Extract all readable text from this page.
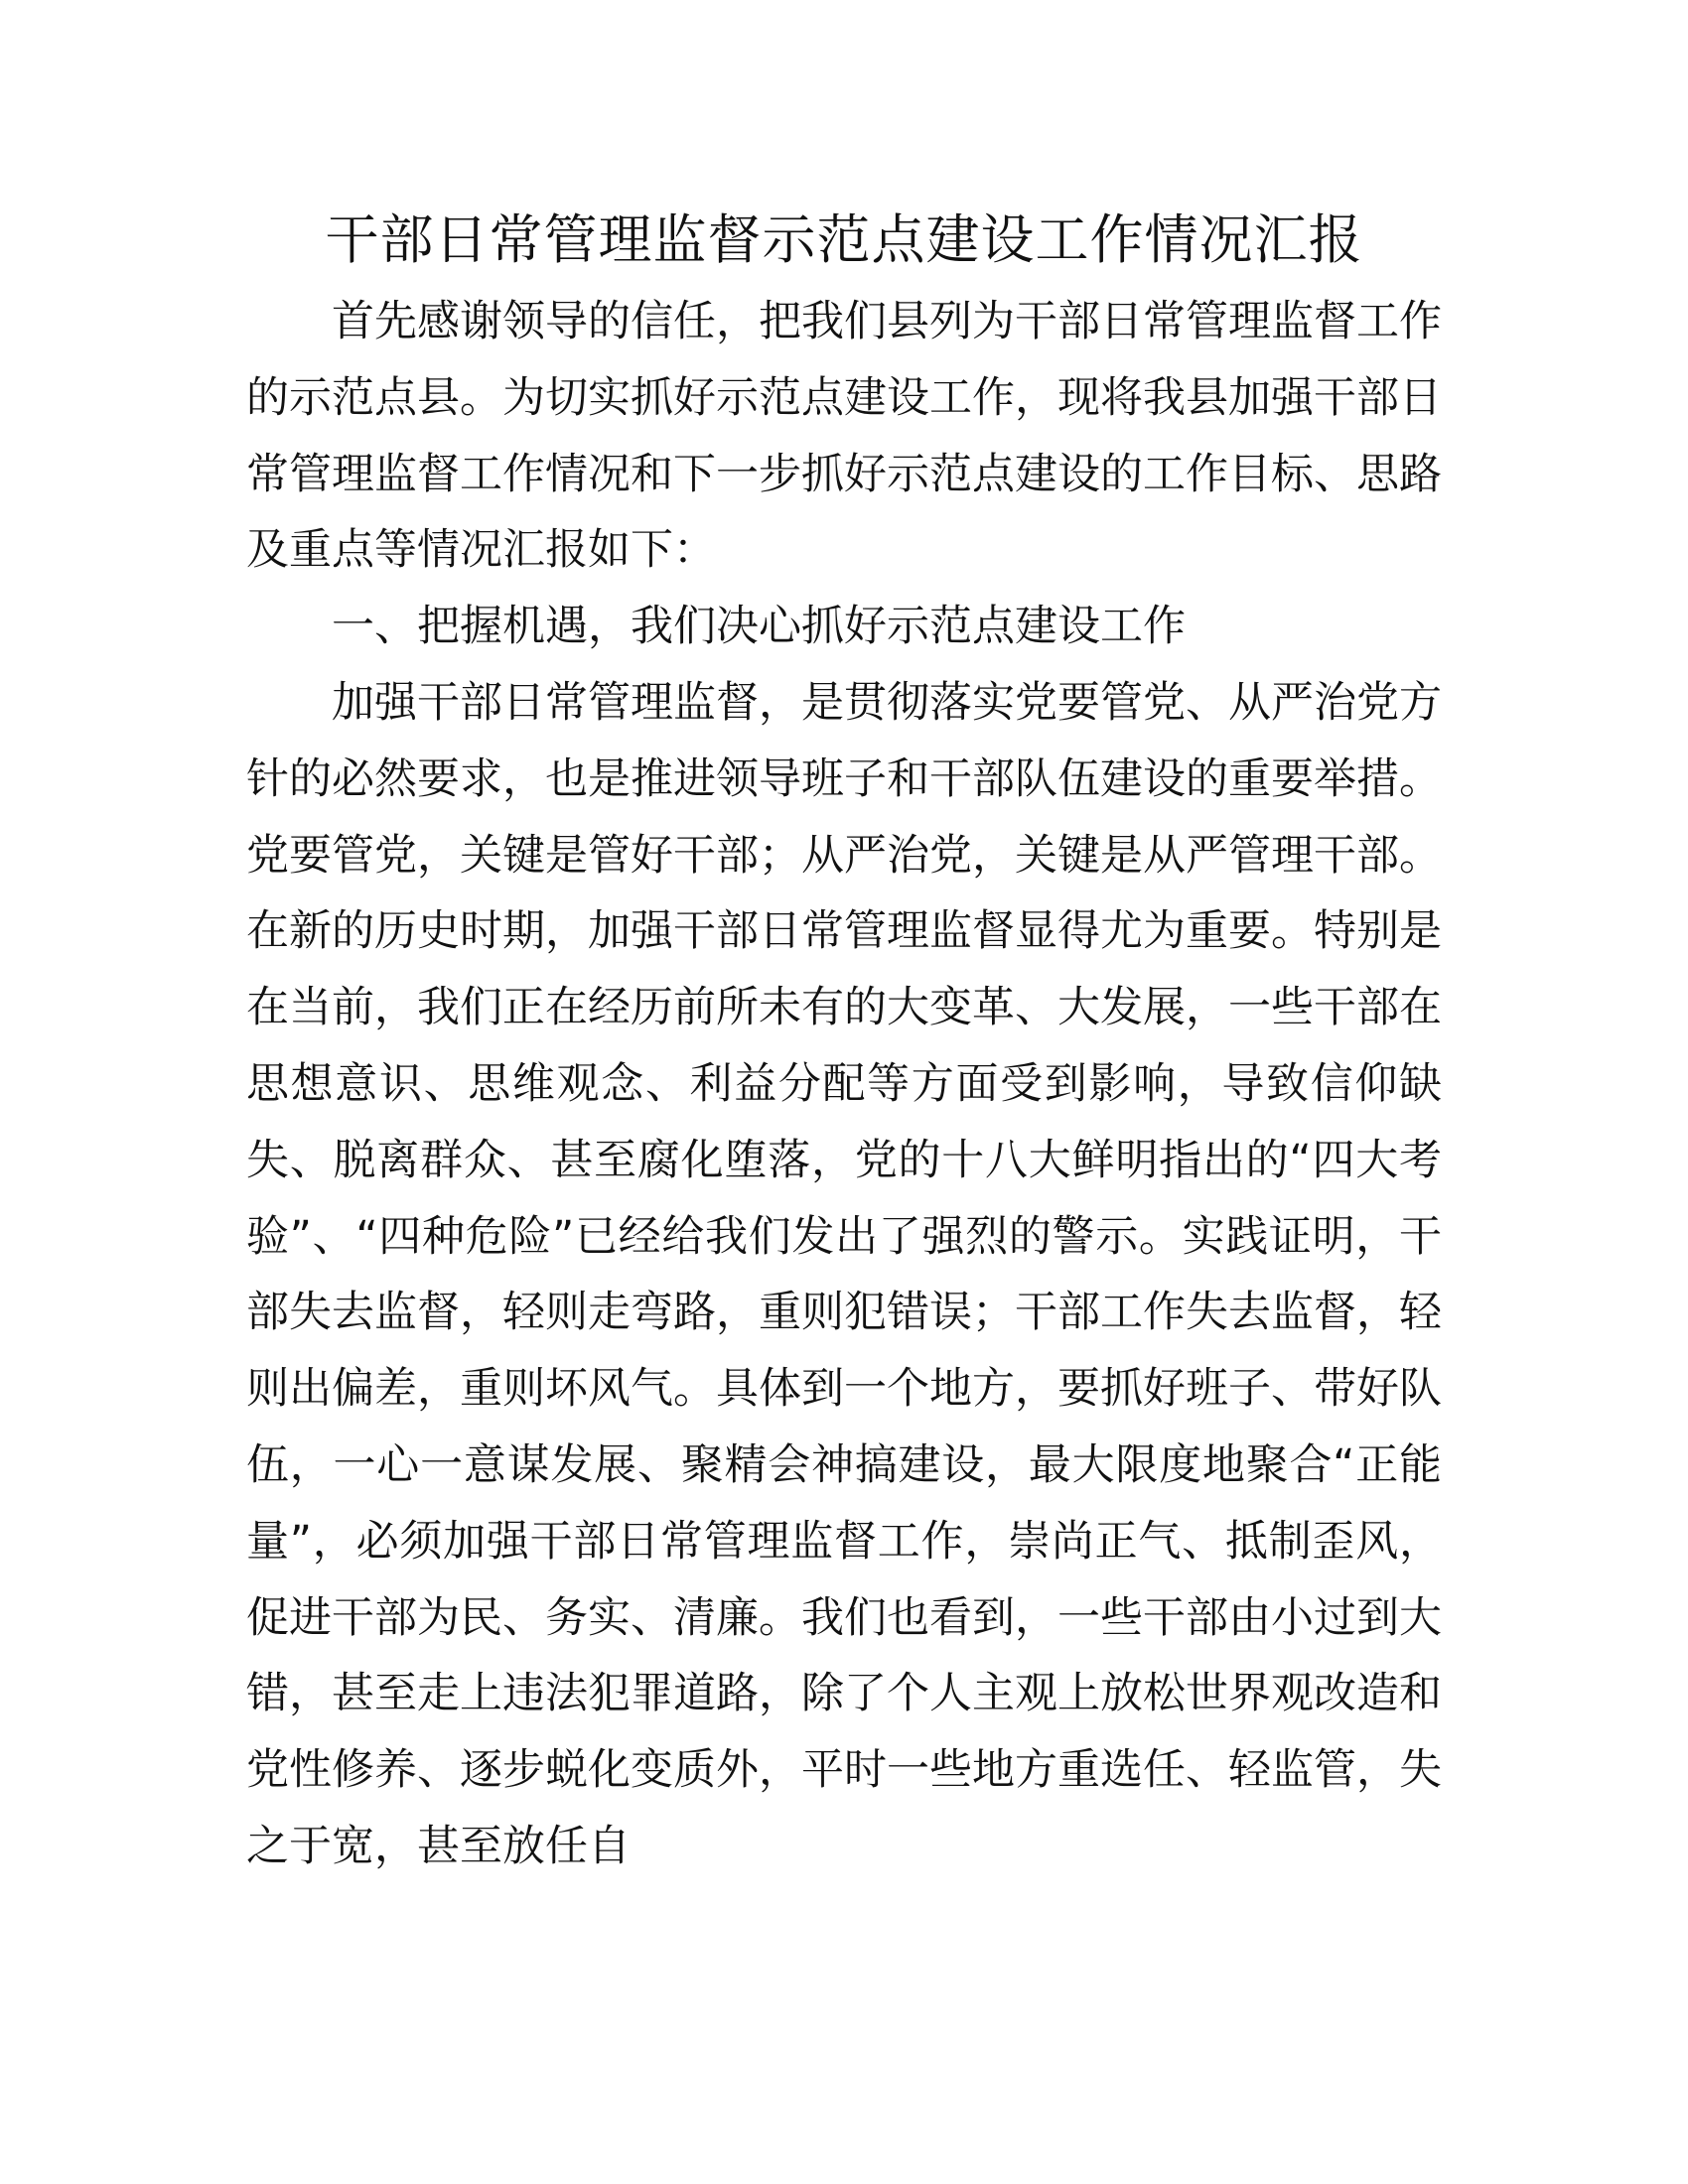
干部日常管理监督示范点建设工作情况汇报

首先感谢领导的信任，把我们县列为干部日常管理监督工作的示范点县。为切实抓好示范点建设工作，现将我县加强干部日常管理监督工作情况和下一步抓好示范点建设的工作目标、思路及重点等情况汇报如下：

一、把握机遇，我们决心抓好示范点建设工作

加强干部日常管理监督，是贯彻落实党要管党、从严治党方针的必然要求，也是推进领导班子和干部队伍建设的重要举措。党要管党，关键是管好干部；从严治党，关键是从严管理干部。在新的历史时期，加强干部日常管理监督显得尤为重要。特别是在当前，我们正在经历前所未有的大变革、大发展，一些干部在思想意识、思维观念、利益分配等方面受到影响，导致信仰缺失、脱离群众、甚至腐化堕落，党的十八大鲜明指出的“四大考验”、“四种危险”已经给我们发出了强烈的警示。实践证明，干部失去监督，轻则走弯路，重则犯错误；干部工作失去监督，轻则出偏差，重则坏风气。具体到一个地方，要抓好班子、带好队伍，一心一意谋发展、聚精会神搞建设，最大限度地聚合“正能量”，必须加强干部日常管理监督工作，崇尚正气、抵制歪风，促进干部为民、务实、清廉。我们也看到，一些干部由小过到大错，甚至走上违法犯罪道路，除了个人主观上放松世界观改造和党性修养、逐步蜕化变质外，平时一些地方重选任、轻监管，失之于宽，甚至放任自
